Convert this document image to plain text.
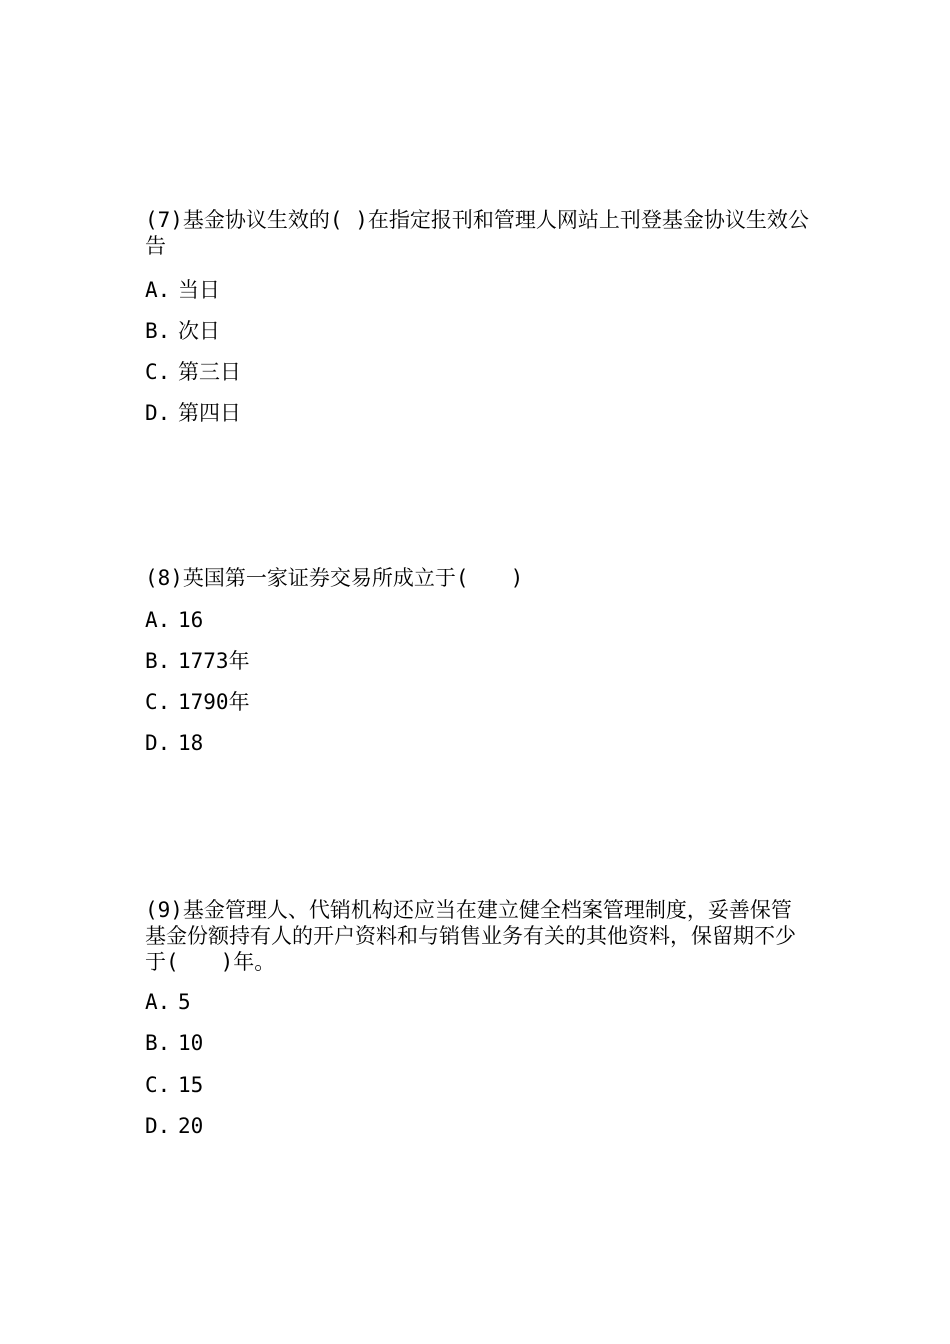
(7)基金协议生效的( )在指定报刊和管理人网站上刊登基金协议生效公告

A. 当日
B. 次日
C. 第三日
D. 第四日

(8)英国第一家证券交易所成立于(　　)

A. 16
B. 1773年
C. 1790年
D. 18

(9)基金管理人、代销机构还应当在建立健全档案管理制度，妥善保管基金份额持有人的开户资料和与销售业务有关的其他资料，保留期不少于(　　)年。

A. 5
B. 10
C. 15
D. 20
